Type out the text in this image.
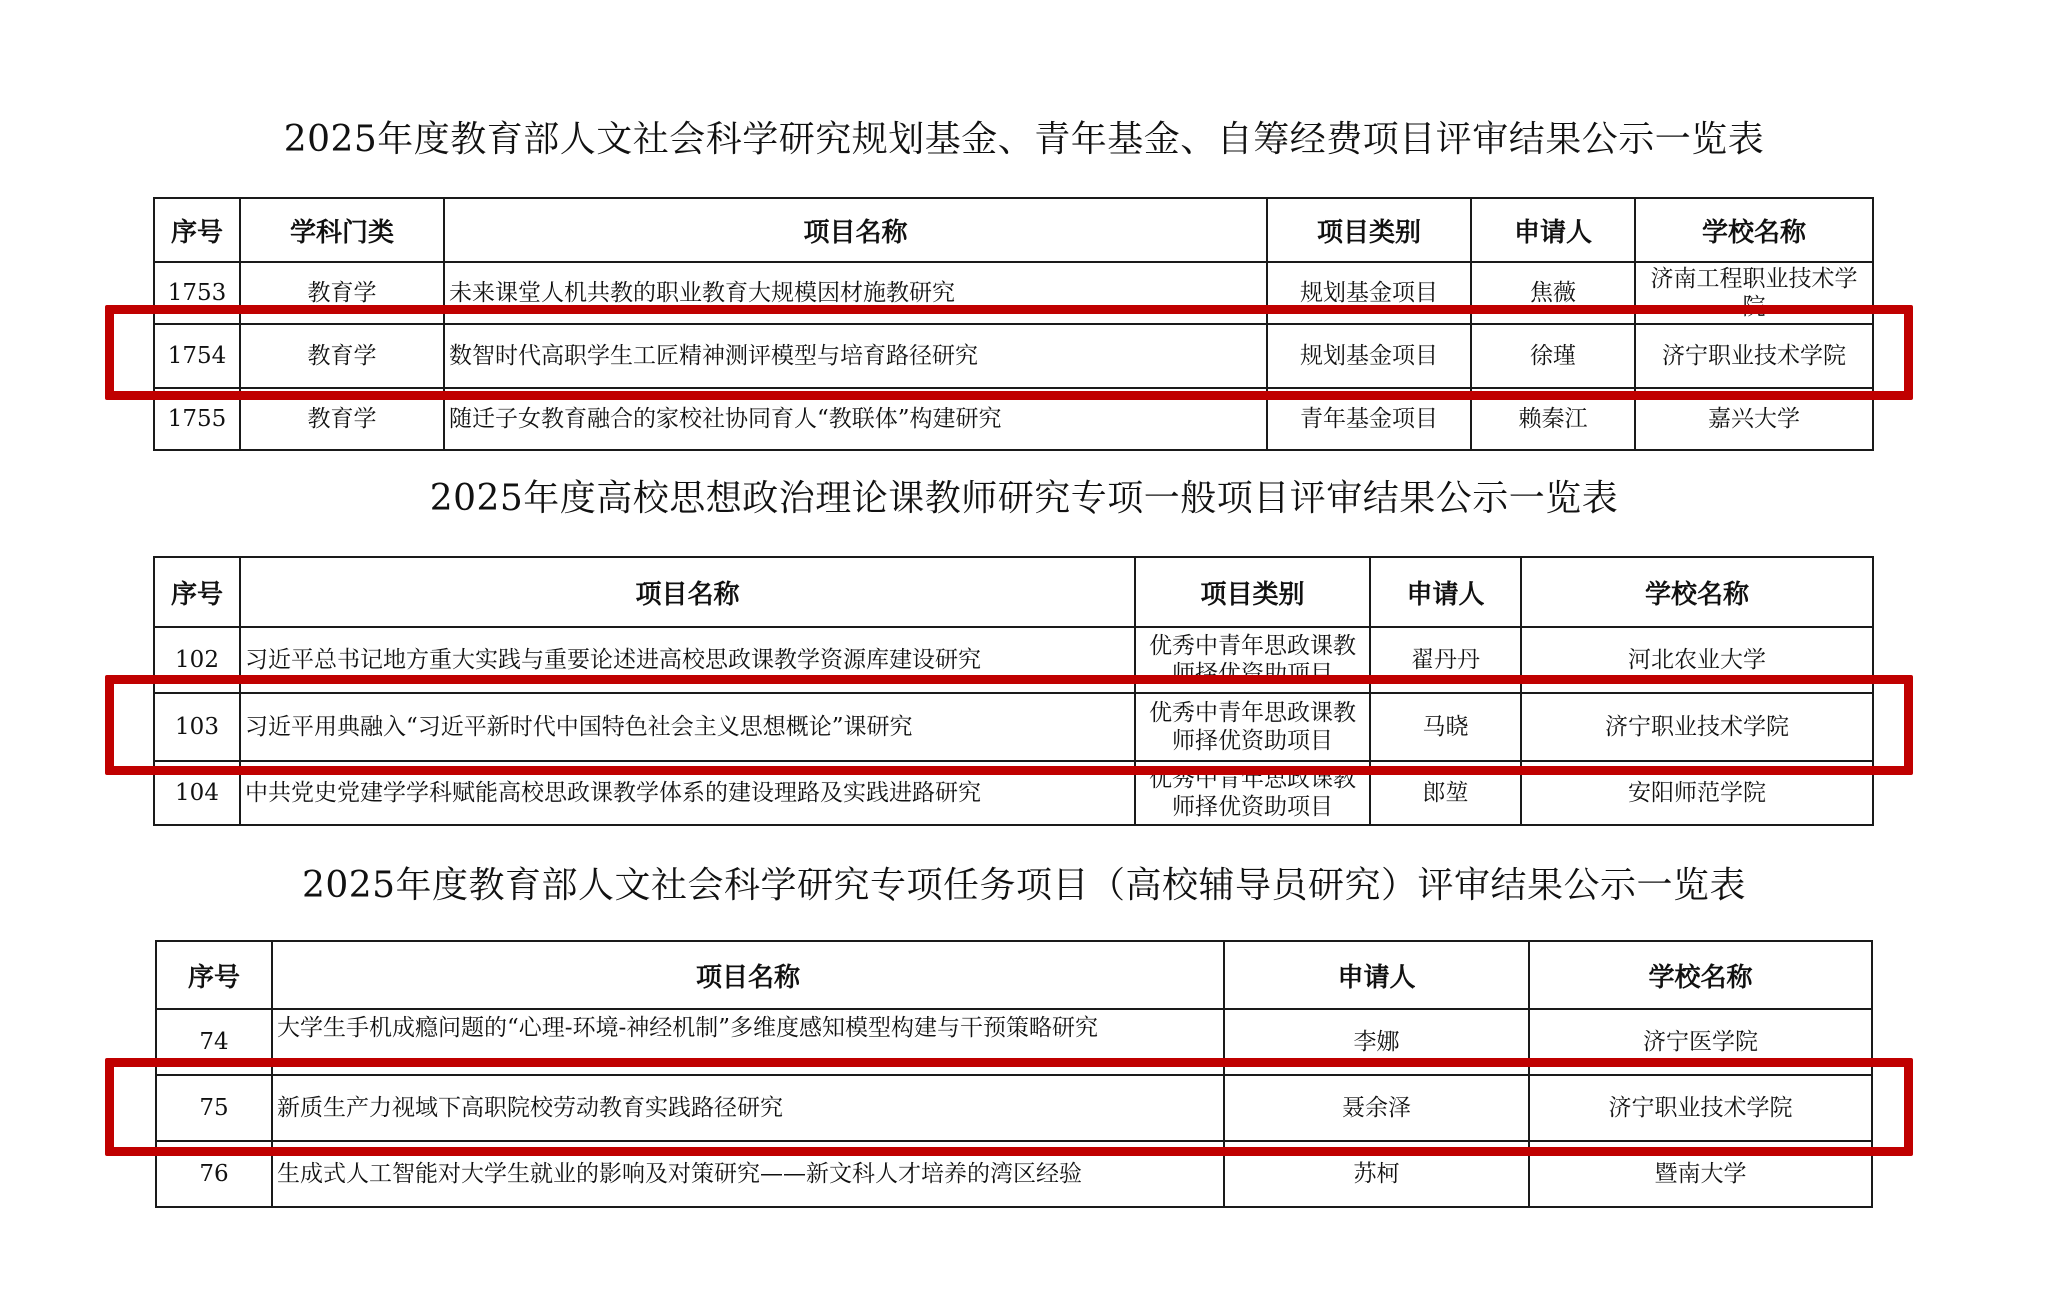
2025年度教育部人文社会科学研究规划基金、青年基金、自筹经费项目评审结果公示一览表
序号	学科门类	项目名称	项目类别	申请人	学校名称
1753	教育学	未来课堂人机共教的职业教育大规模因材施教研究	规划基金项目	焦薇	济南工程职业技术学院

1754	教育学	数智时代高职学生工匠精神测评模型与培育路径研究	规划基金项目	徐瑾	济宁职业技术学院
1755	教育学	随迁子女教育融合的家校社协同育人“教联体”构建研究	青年基金项目	赖秦江	嘉兴大学
2025年度高校思想政治理论课教师研究专项一般项目评审结果公示一览表
序号	项目名称	项目类别	申请人	学校名称
102	习近平总书记地方重大实践与重要论述进高校思政课教学资源库建设研究	优秀中青年思政课教师择优资助项目	翟丹丹	河北农业大学
103	习近平用典融入“习近平新时代中国特色社会主义思想概论”课研究	优秀中青年思政课教师择优资助项目	马晓	济宁职业技术学院
104	中共党史党建学学科赋能高校思政课教学体系的建设理路及实践进路研究	优秀中青年思政课教师择优资助项目	郎堃	安阳师范学院
2025年度教育部人文社会科学研究专项任务项目（高校辅导员研究）评审结果公示一览表
序号	项目名称	申请人	学校名称
74	大学生手机成瘾问题的“心理-环境-神经机制”多维度感知模型构建与干预策略研究	李娜	济宁医学院
75	新质生产力视域下高职院校劳动教育实践路径研究	聂余泽	济宁职业技术学院
76	生成式人工智能对大学生就业的影响及对策研究——新文科人才培养的湾区经验	苏柯	暨南大学
